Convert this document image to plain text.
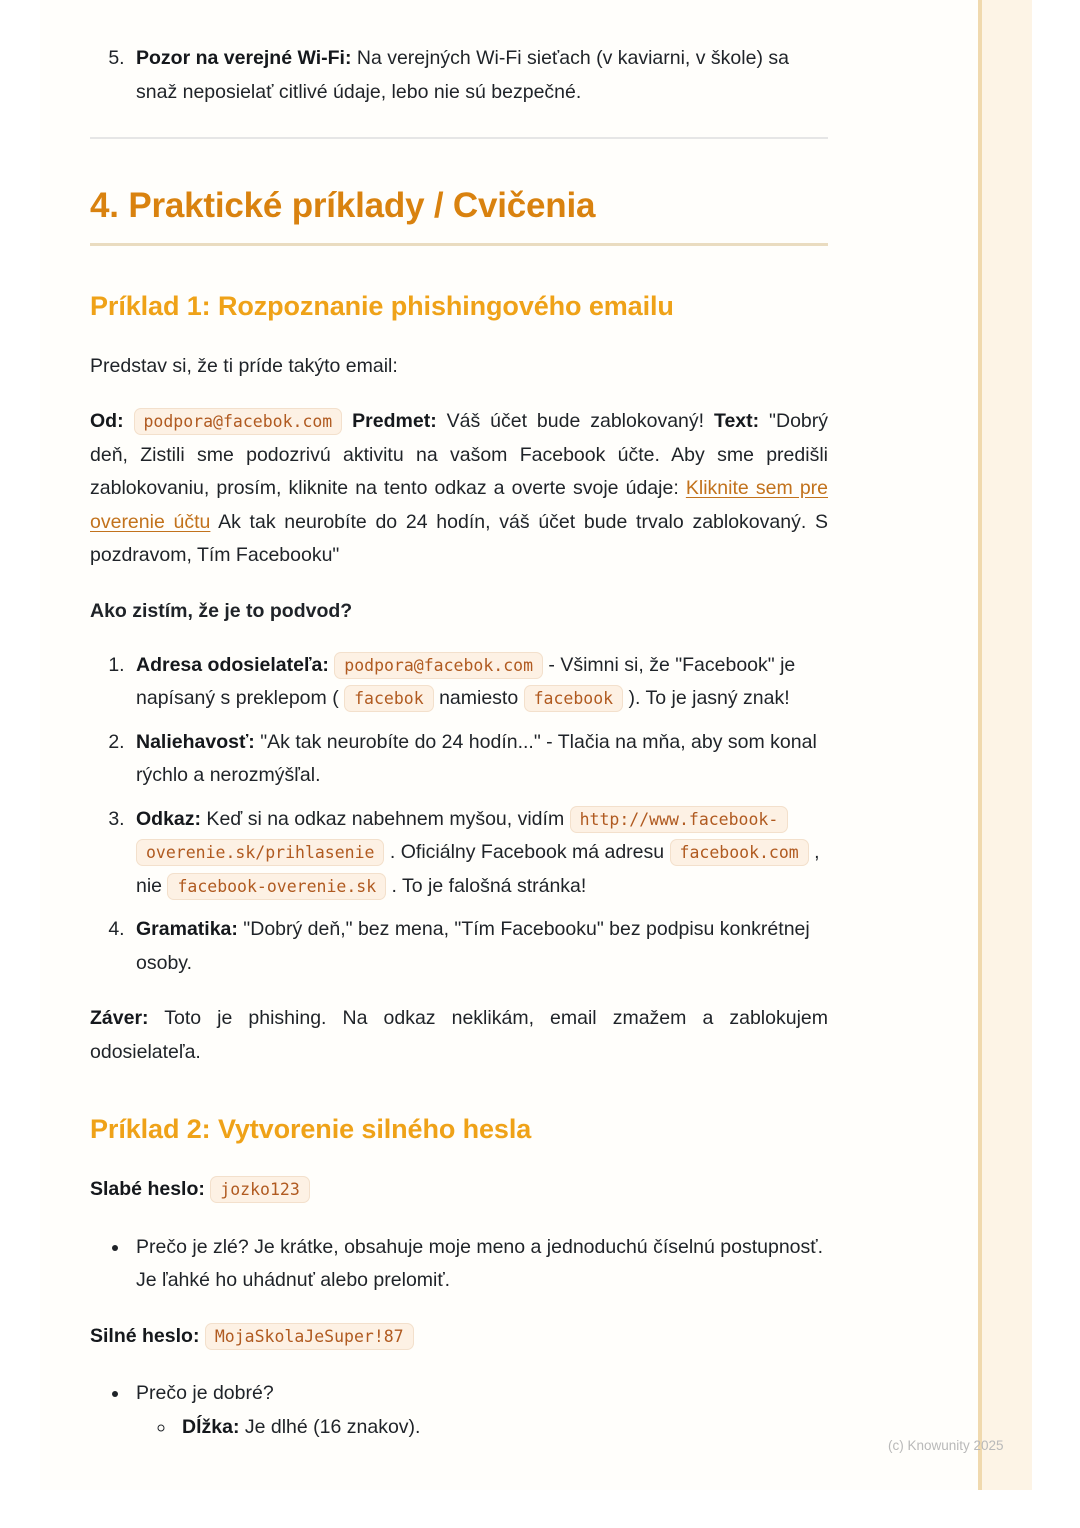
5. Pozor na verejné Wi-Fi: Na verejných Wi-Fi sieťach (v kaviarni, v škole) sa snaž neposielať citlivé údaje, lebo nie sú bezpečné.
4. Praktické príklady / Cvičenia
Príklad 1: Rozpoznanie phishingového emailu

Predstav si, že ti príde takýto email:

Od: podpora@facebok.com Predmet: Váš účet bude zablokovaný! Text: "Dobrý deň, Zistili sme podozrivú aktivitu na vašom Facebook účte. Aby sme predišli zablokovaniu, prosím, kliknite na tento odkaz a overte svoje údaje: Kliknite sem pre overenie účtu Ak tak neurobíte do 24 hodín, váš účet bude trvalo zablokovaný. S pozdravom, Tím Facebooku"

Ako zistím, že je to podvod?

1. Adresa odosielateľa: podpora@facebok.com - Všimni si, že "Facebook" je napísaný s preklepom ( facebok namiesto facebook ). To je jasný znak!
2. Naliehavosť: "Ak tak neurobíte do 24 hodín..." - Tlačia na mňa, aby som konal rýchlo a nerozmýšľal.
3. Odkaz: Keď si na odkaz nabehnem myšou, vidím http://www.facebook-overenie.sk/prihlasenie . Oficiálny Facebook má adresu facebook.com , nie facebook-overenie.sk . To je falošná stránka!
4. Gramatika: "Dobrý deň," bez mena, "Tím Facebooku" bez podpisu konkrétnej osoby.

Záver: Toto je phishing. Na odkaz neklikám, email zmažem a zablokujem odosielateľa.

Príklad 2: Vytvorenie silného hesla

Slabé heslo: jozko123

• Prečo je zlé? Je krátke, obsahuje moje meno a jednoduchú číselnú postupnosť. Je ľahké ho uhádnuť alebo prelomiť.

Silné heslo: MojaSkolaJeSuper!87

• Prečo je dobré?
◦ Dĺžka: Je dlhé (16 znakov).
(c) Knowunity 2025
